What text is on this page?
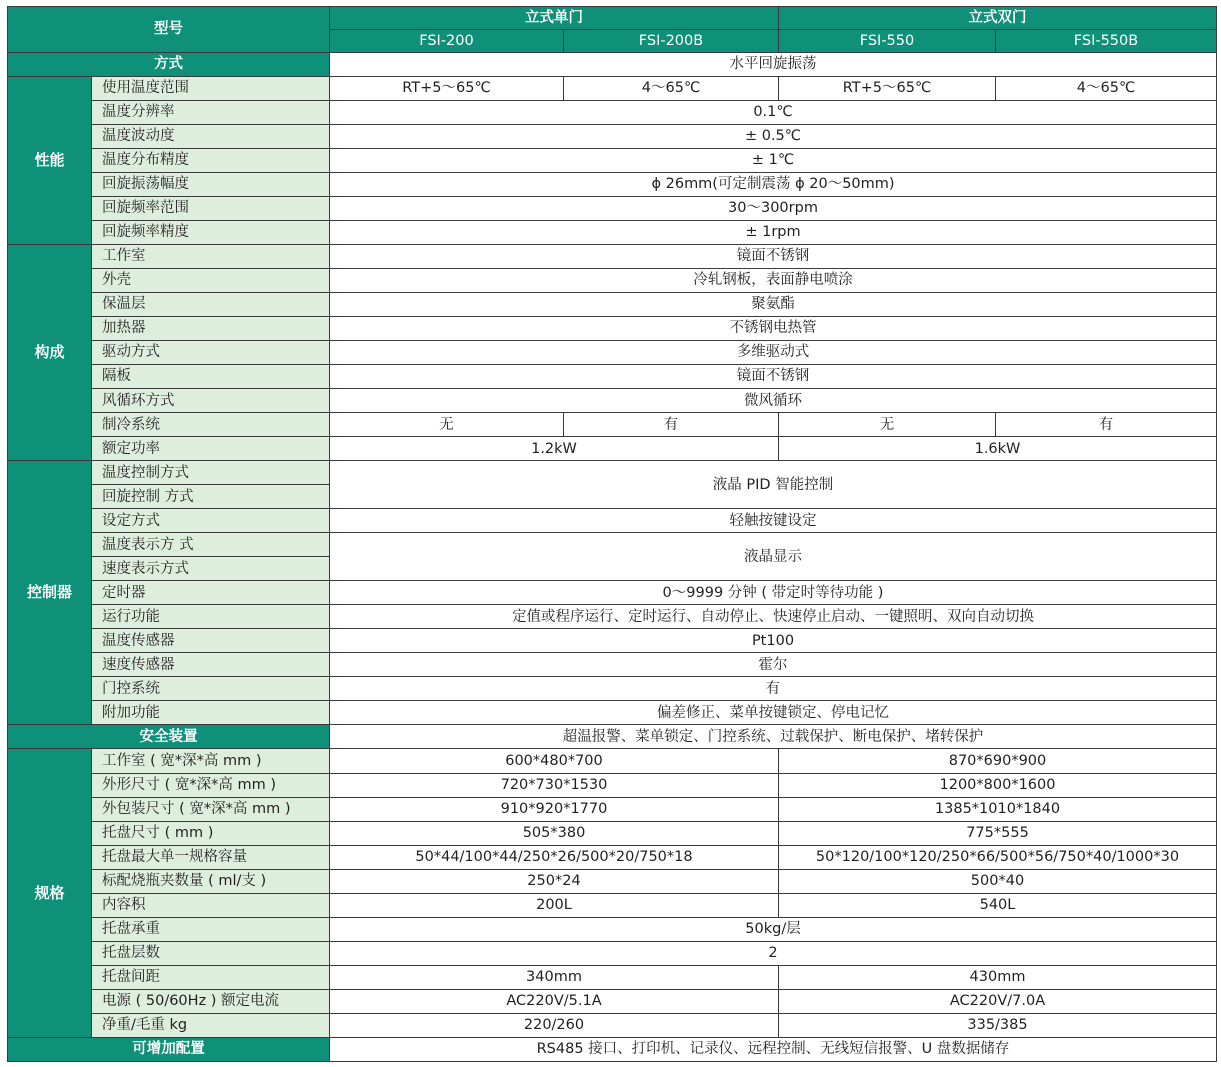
型号		立式单门		立式双门	
		FSI-200	FSI-200B	FSI-550	FSI-550B
方式		水平回旋振荡			
性能	使用温度范围	RT+5～65℃	4～65℃	RT+5～65℃	4～65℃
	温度分辨率	0.1℃			
	温度波动度	± 0.5℃			
	温度分布精度	± 1℃			
	回旋振荡幅度	ϕ 26mm(可定制震荡 ϕ 20～50mm)			
	回旋频率范围	30～300rpm			
	回旋频率精度	± 1rpm			
构成	工作室	镜面不锈钢			
	外壳	冷轧钢板，表面静电喷涂			
	保温层	聚氨酯			
	加热器	不锈钢电热管			
	驱动方式	多维驱动式			
	隔板	镜面不锈钢			
	风循环方式	微风循环			
	制冷系统	无	有	无	有
	额定功率	1.2kW		1.6kW	
控制器	温度控制方式	液晶 PID 智能控制			
	回旋控制 方式				
	设定方式	轻触按键设定			
	温度表示方 式	液晶显示			
	速度表示方式				
	定时器	0～9999 分钟 ( 带定时等待功能 )			
	运行功能	定值或程序运行、定时运行、自动停止、快速停止启动、一键照明、双向自动切换			
	温度传感器	Pt100			
	速度传感器	霍尔			
	门控系统	有			
	附加功能	偏差修正、菜单按键锁定、停电记忆			
安全装置		超温报警、菜单锁定、门控系统、过载保护、断电保护、堵转保护			
规格	工作室 ( 宽*深*高 mm )	600*480*700		870*690*900	
	外形尺寸 ( 宽*深*高 mm )	720*730*1530		1200*800*1600	
	外包装尺寸 ( 宽*深*高 mm )	910*920*1770		1385*1010*1840	
	托盘尺寸 ( mm )	505*380		775*555	
	托盘最大单一规格容量	50*44/100*44/250*26/500*20/750*18		50*120/100*120/250*66/500*56/750*40/1000*30	
	标配烧瓶夹数量 ( ml/支 )	250*24		500*40	
	内容积	200L		540L	
	托盘承重	50kg/层			
	托盘层数	2			
	托盘间距	340mm		430mm	
	电源 ( 50/60Hz ) 额定电流	AC220V/5.1A		AC220V/7.0A	
	净重/毛重 kg	220/260		335/385	
可增加配置		RS485 接口、打印机、记录仪、远程控制、无线短信报警、U 盘数据储存			
